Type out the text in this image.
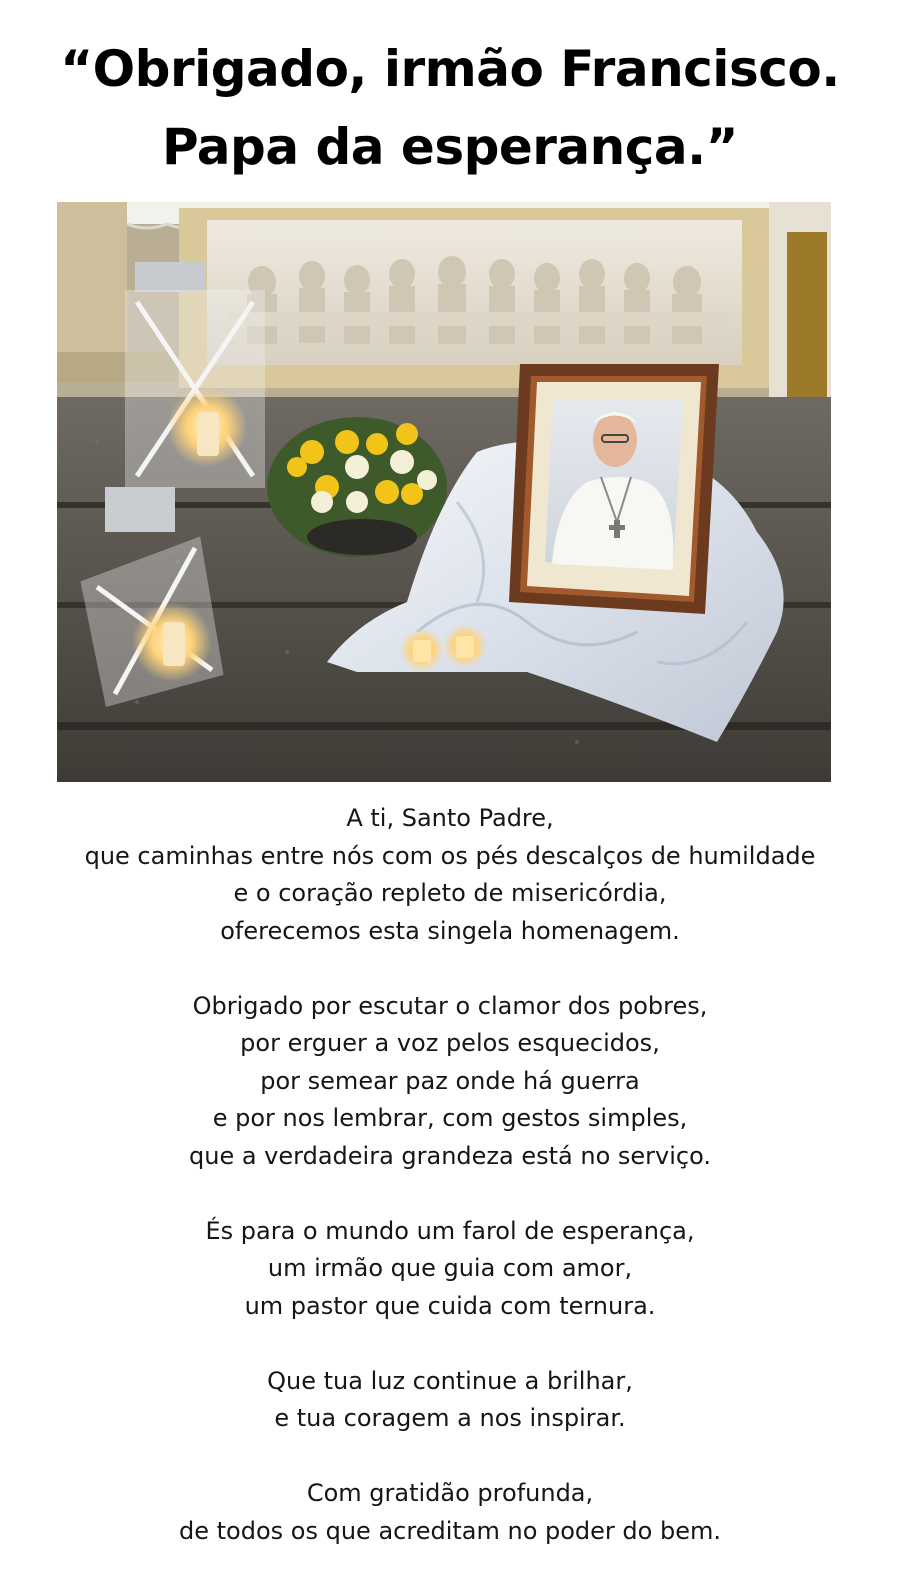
“Obrigado, irmão Francisco.
Papa da esperança.”
A ti, Santo Padre,
que caminhas entre nós com os pés descalços de humildade
e o coração repleto de misericórdia,
oferecemos esta singela homenagem.
Obrigado por escutar o clamor dos pobres,
por erguer a voz pelos esquecidos,
por semear paz onde há guerra
e por nos lembrar, com gestos simples,
que a verdadeira grandeza está no serviço.
És para o mundo um farol de esperança,
um irmão que guia com amor,
um pastor que cuida com ternura.
Que tua luz continue a brilhar,
e tua coragem a nos inspirar.
Com gratidão profunda,
de todos os que acreditam no poder do bem.
